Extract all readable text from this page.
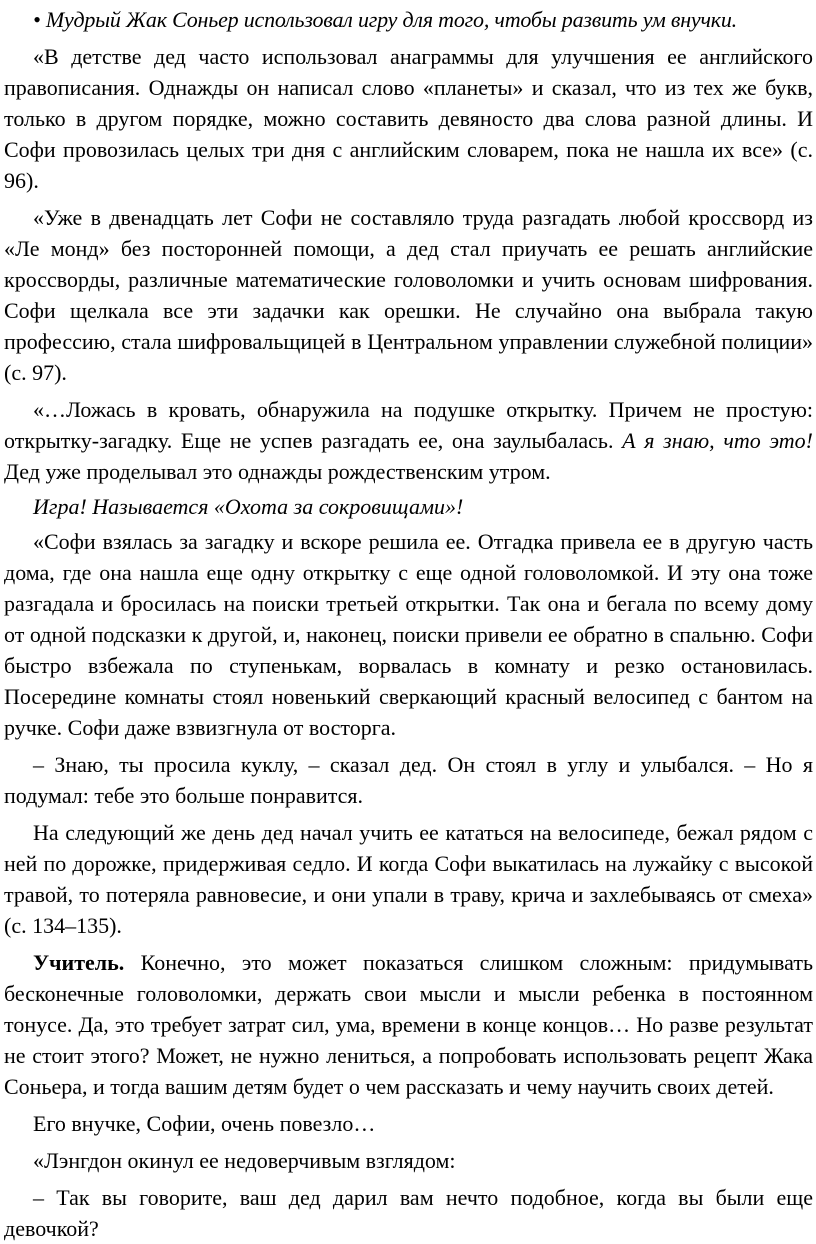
• Мудрый Жак Соньер использовал игру для того, чтобы развить ум внучки.

«В детстве дед часто использовал анаграммы для улучшения ее английского правописания. Однажды он написал слово «планеты» и сказал, что из тех же букв, только в другом порядке, можно составить девяносто два слова разной длины. И Софи провозилась целых три дня с английским словарем, пока не нашла их все» (с. 96).

«Уже в двенадцать лет Софи не составляло труда разгадать любой кроссворд из «Ле монд» без посторонней помощи, а дед стал приучать ее решать английские кроссворды, различные математические головоломки и учить основам шифрования. Софи щелкала все эти задачки как орешки. Не случайно она выбрала такую профессию, стала шифровальщицей в Центральном управлении служебной полиции» (с. 97).

«…Ложась в кровать, обнаружила на подушке открытку. Причем не простую: открытку-загадку. Еще не успев разгадать ее, она заулыбалась. А я знаю, что это! Дед уже проделывал это однажды рождественским утром.

Игра! Называется «Охота за сокровищами»!

«Софи взялась за загадку и вскоре решила ее. Отгадка привела ее в другую часть дома, где она нашла еще одну открытку с еще одной головоломкой. И эту она тоже разгадала и бросилась на поиски третьей открытки. Так она и бегала по всему дому от одной подсказки к другой, и, наконец, поиски привели ее обратно в спальню. Софи быстро взбежала по ступенькам, ворвалась в комнату и резко остановилась. Посередине комнаты стоял новенький сверкающий красный велосипед с бантом на ручке. Софи даже взвизгнула от восторга.

– Знаю, ты просила куклу, – сказал дед. Он стоял в углу и улыбался. – Но я подумал: тебе это больше понравится.

На следующий же день дед начал учить ее кататься на велосипеде, бежал рядом с ней по дорожке, придерживая седло. И когда Софи выкатилась на лужайку с высокой травой, то потеряла равновесие, и они упали в траву, крича и захлебываясь от смеха» (с. 134–135).

Учитель. Конечно, это может показаться слишком сложным: придумывать бесконечные головоломки, держать свои мысли и мысли ребенка в постоянном тонусе. Да, это требует затрат сил, ума, времени в конце концов… Но разве результат не стоит этого? Может, не нужно лениться, а попробовать использовать рецепт Жака Соньера, и тогда вашим детям будет о чем рассказать и чему научить своих детей.

Его внучке, Софии, очень повезло…

«Лэнгдон окинул ее недоверчивым взглядом:

– Так вы говорите, ваш дед дарил вам нечто подобное, когда вы были еще девочкой?
